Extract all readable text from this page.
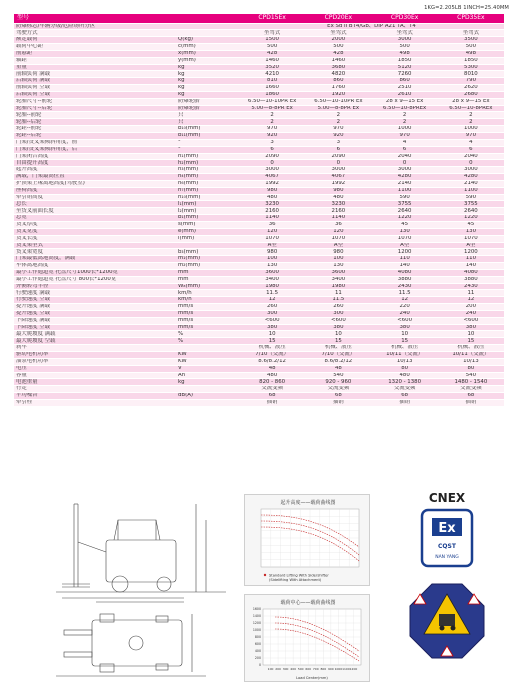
1KG=2.205LB 1INCH=25.40MM
型号		CPD15Ex	CPD20Ex	CPD30Ex	CPD35Ex
防爆标志/车辆分级/危险场所分区		Ex Sd II BT4/Gb、DIP A21 TA、T4			
驾驶方式		坐驾式	坐驾式	坐驾式	坐驾式
额定载荷	Q(kg)	1500	2000	3000	3500
载荷中心距	c(mm)	500	500	500	500
前悬距	x(mm)	428	428	498	498
轴距	y(mm)	1460	1460	1850	1850
重量	kg	3520	3680	5120	5300
前轴负荷 满载	kg	4210	4820	7260	8010
后轴负荷 满载	kg	810	860	860	790
前轴负荷 空载	kg	1660	1760	2510	2620
后轴负荷 空载	kg	1860	1920	2610	2680
轮胎尺寸--前轮	防爆轮胎	6.50—10-10PR Ex	6.50—10-10PR Ex	28 x 9—15 Ex	28 x 9—15 Ex
轮胎尺寸--后轮	防爆轮胎	5.00—8-8PR Ex	5.00—8-8PR Ex	6.50—10-8PREx	6.50—10-8PREx
轮胎--前轮	只	2	2	2	2
轮胎--后轮	只	2	2	2	2
轮距--前轮	b₁₀(mm)	970	970	1000	1000
轮距--后轮	b₁₁(mm)	920	920	970	970
门架/货叉架倾斜角度，前	°	3	3	4	4
门架/货叉架倾斜角度，后	°	6	6	6	6
门架闭合高度	h₁(mm)	2090	2090	2040	2040
自由提升高度	h₂(mm)	0	0	0	0
起升高度	h₃(mm)	3000	3000	3000	3000
满载，门架最高位置	h₄(mm)	4067	4067	4280	4280
护顶架上缘离地高度(驾驶室)	h₆(mm)	1992	1992	2140	2140
座椅高度	h₇(mm)	980	980	1100	1100
牵引销高度	h₁₀(mm)	480	480	590	590
总长	l₁(mm)	3230	3230	3755	3755
至货叉前面长度	l₂(mm)	2160	2160	2640	2640
总宽	b₁(mm)	1140	1140	1220	1220
货叉厚度	s(mm)	36	36	45	45
货叉宽度	e(mm)	120	120	130	130
货叉长度	l(mm)	1070	1070	1070	1070
货叉架型式		A型	A型	A型	A型
货叉架宽度	b₃(mm)	980	980	1200	1200
门架最低离地高度，满载	m₁(mm)	100	100	110	110
车体离地高度	m₂(mm)	130	130	140	140
最小工作通道宽 托盘尺寸1000长*1200宽	mm	3600	3600	4080	4080
最小工作通道宽 托盘尺寸 800长*1200宽	mm	3400	3400	3880	3880
外侧转弯半径	Wₐ(mm)	1980	1980	2430	2430
行驶速度 满载	km/h	11.5	11	11.5	11
行驶速度 空载	km/h	12	11.5	12	12
提升速度 满载	mm/s	260	260	220	200
提升速度 空载	mm/s	300	300	240	240
下降速度 满载	mm/s	<600	<600	<600	<600
下降速度 空载	mm/s	380	380	380	380
最大爬坡度 满载	%	10	10	10	10
最大爬坡度 空载	%	15	15	15	15
刹车		机械、液压	机械、液压	机械、液压	机械、液压
驱动电机功率	KW	7/10（交流）	7/10（交流）	10/11（交流）	10/11（交流）
油泵电机功率	KW	8.6/8.2/12	8.6/8.2/12	10/13	10/13
电压	V	48	48	80	80
容量	Ah	480	540	480	540
电池重量	kg	820 - 860	920 - 960	1320 - 1380	1480 - 1540
行走		交流变频	交流变频	交流变频	交流变频
平均噪音	dB(A)	68	68	68	68
牵引栓		插销	插销	插销	插销
起升高度——载荷曲线图
Standard Lifting With Sidershifter
(Sidelifting With Attachment)
载荷中心——载荷曲线图
1600
1400
1200
1000
800
600
400
200
0
100 200 300 400 500 600 700 800 900 1000 1100 1200
Load Center(mm)
CNEX
Ex
CQST
NAN YANG
